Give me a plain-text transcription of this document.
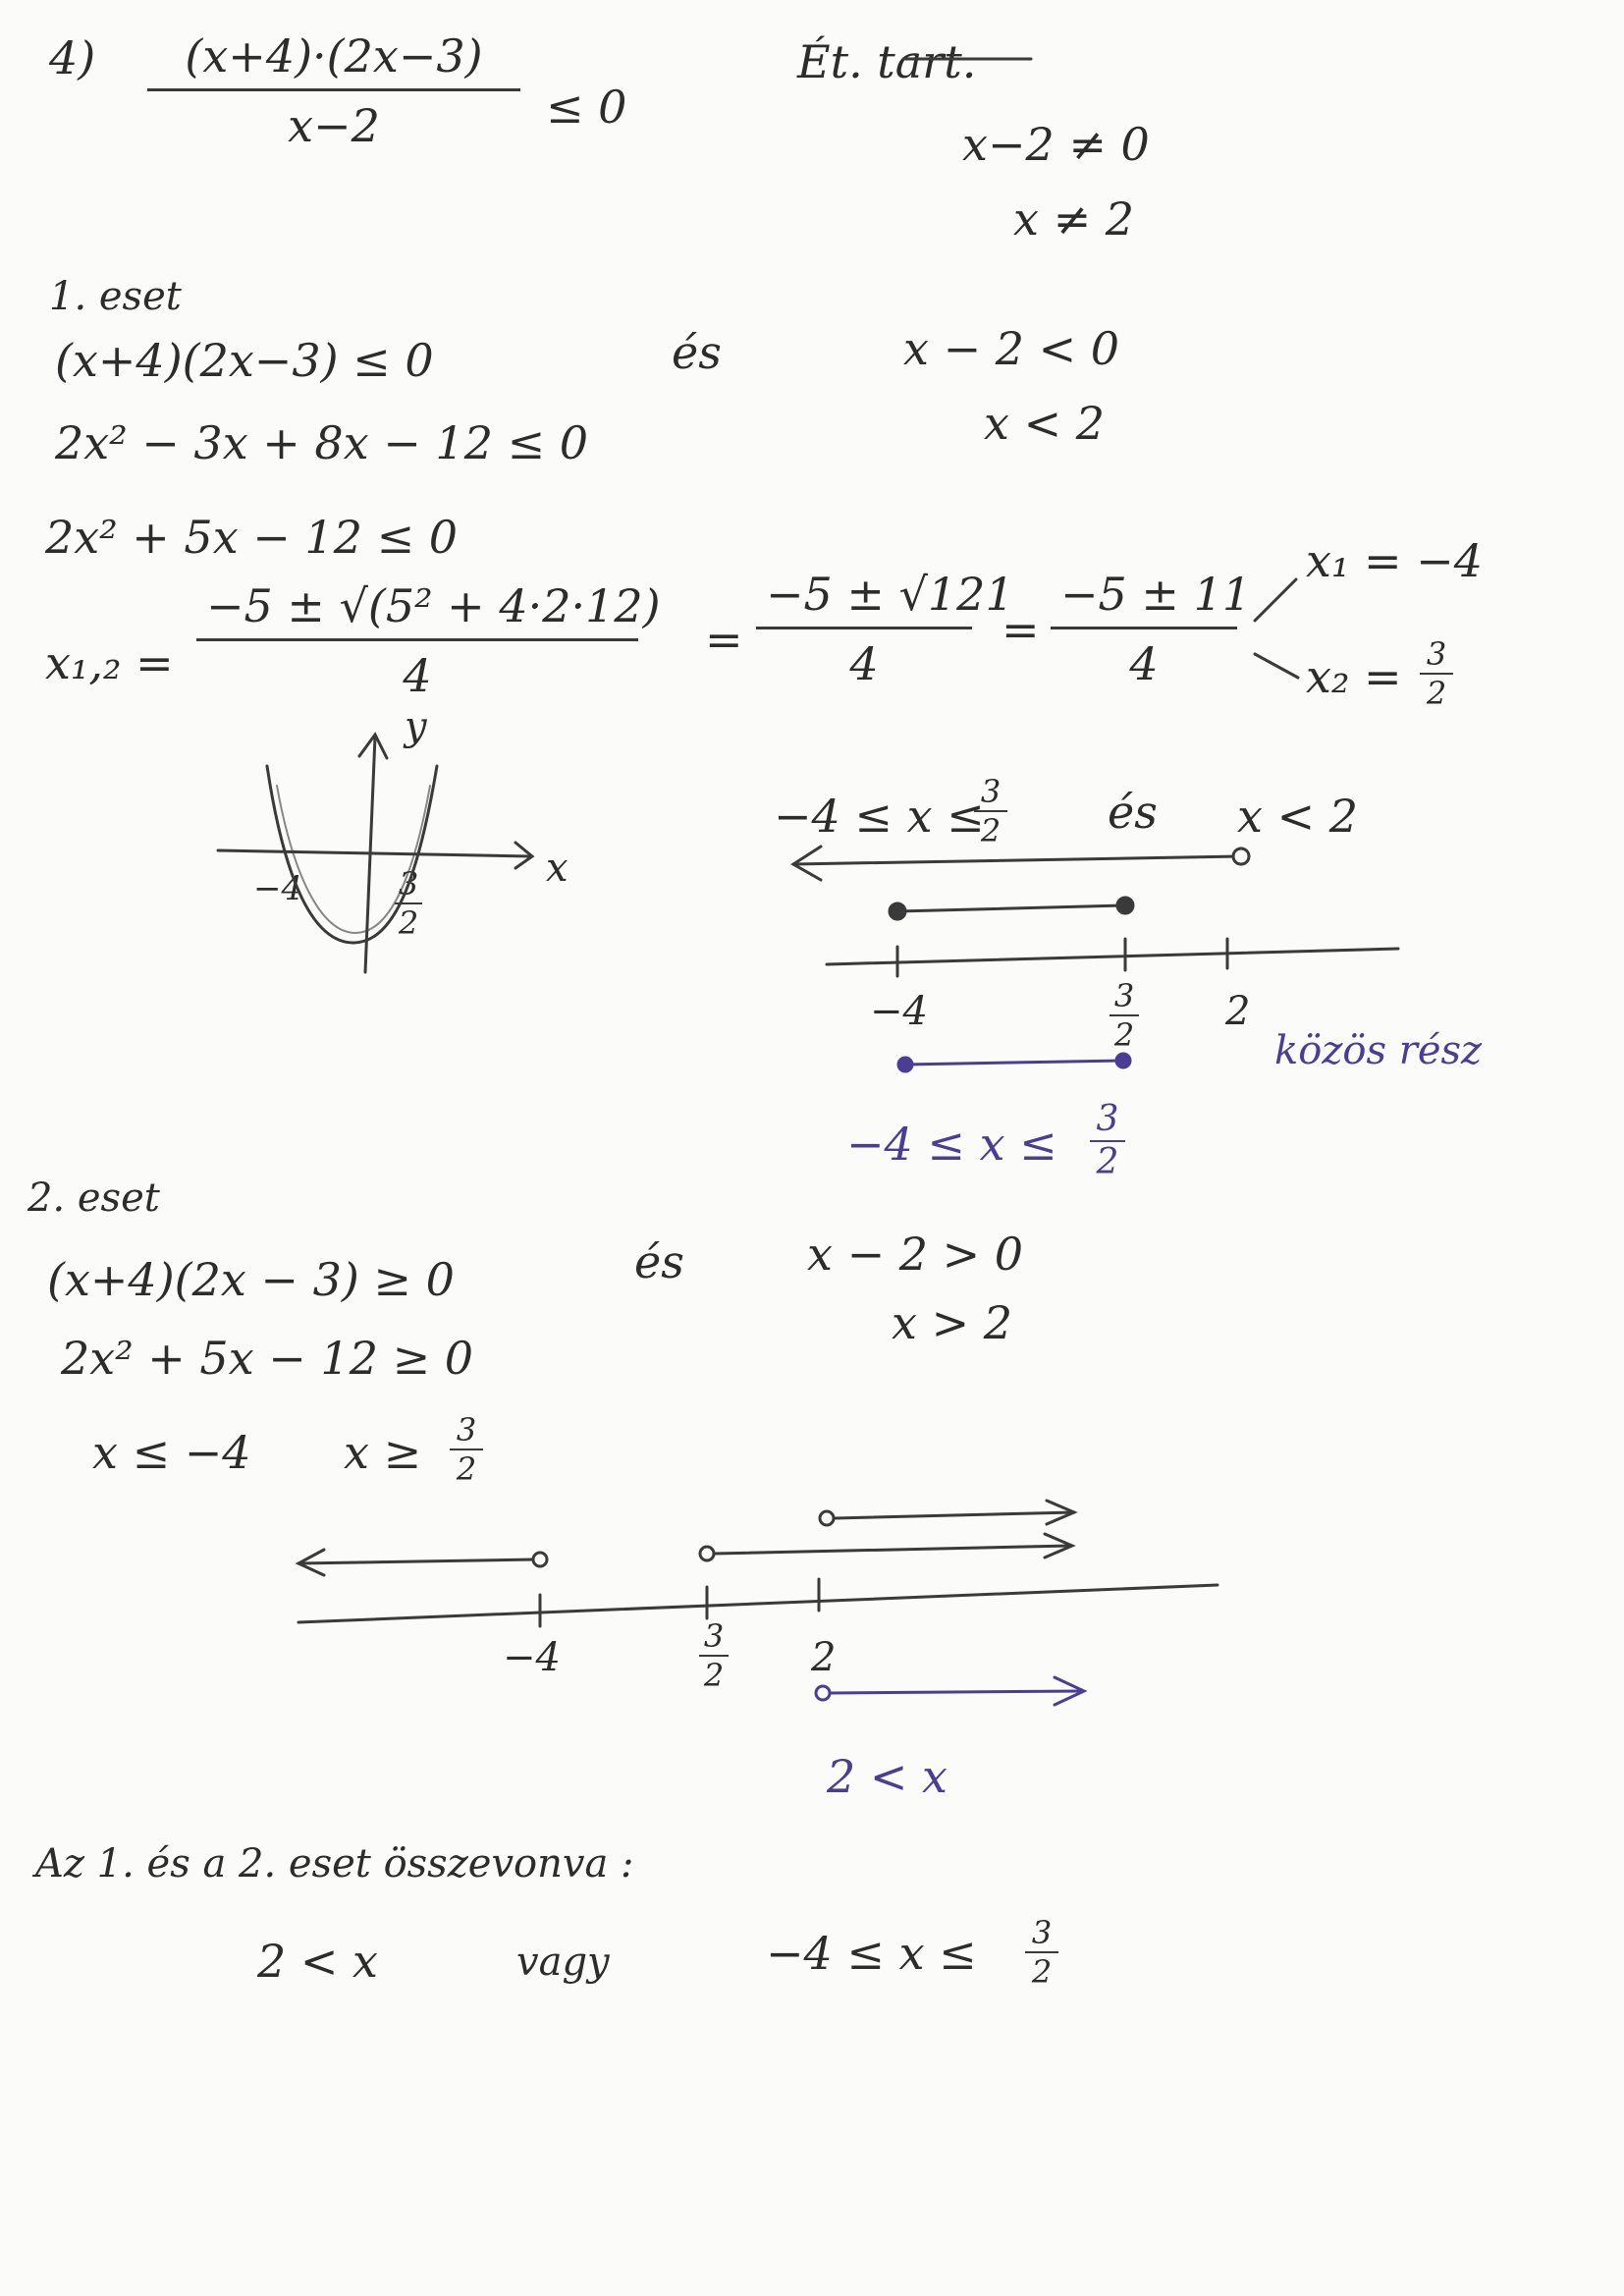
4)	(x+4)·(2x−3)
x−2	≤ 0
Ét. tart.
x−2 ≠ 0
x ≠ 2
1. eset
(x+4)(2x−3) ≤ 0	és	x − 2 < 0
x < 2
2x² − 3x + 8x − 12 ≤ 0
2x² + 5x − 12 ≤ 0
x₁,₂ =
−5 ± √(5² + 4·2·12)
4
=
−5 ± √121
4
=
−5 ± 11
4
x₁ = −4
x₂ = 3
2
y
x
−4	3
2
−4 ≤ x ≤
3
2 és x < 2
−4	3
2
2
közös rész
−4 ≤ x ≤ 3
2
2. eset
(x+4)(2x − 3) ≥ 0	és	x − 2 > 0
x > 2
2x² + 5x − 12 ≥ 0
x ≤ −4 x ≥ 3
2
−4	3
2 2
2 < x
Az 1. és a 2. eset összevonva :
2 < x	vagy	−4 ≤ x ≤ 3
2
